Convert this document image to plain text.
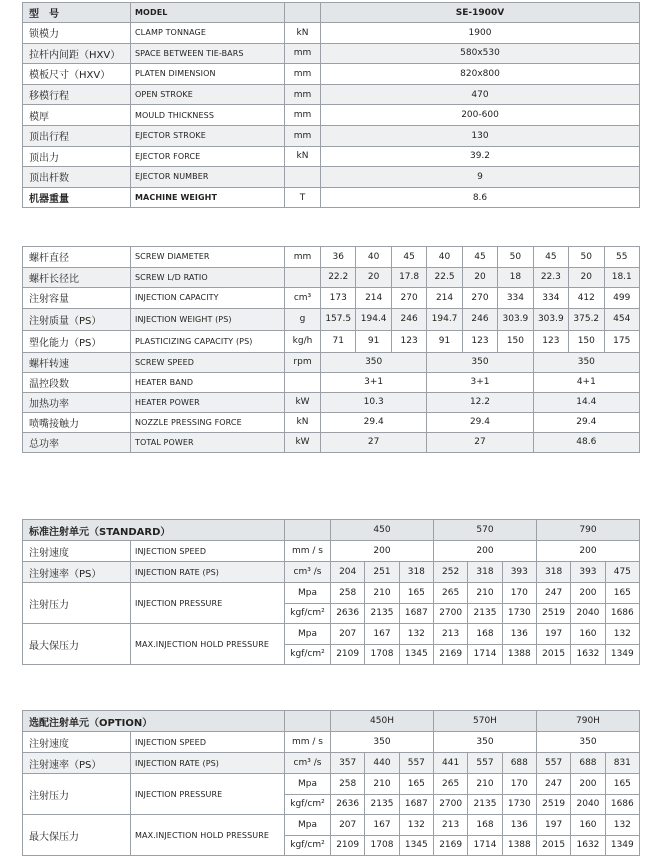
型　号	MODEL		SE-1900V
锁模力	CLAMP TONNAGE	kN	1900
拉杆内间距（HXV）	SPACE BETWEEN TIE-BARS	mm	580x530
模板尺寸（HXV）	PLATEN DIMENSION	mm	820x800
移模行程	OPEN STROKE	mm	470
模厚	MOULD THICKNESS	mm	200-600
顶出行程	EJECTOR STROKE	mm	130
顶出力	EJECTOR FORCE	kN	39.2
顶出杆数	EJECTOR NUMBER		9
机器重量	MACHINE WEIGHT	T	8.6
螺杆直径	SCREW DIAMETER	mm	36	40	45	40	45	50	45	50	55
螺杆长径比	SCREW L/D RATIO		22.2	20	17.8	22.5	20	18	22.3	20	18.1
注射容量	INJECTION CAPACITY	cm³	173	214	270	214	270	334	334	412	499
注射质量（PS）	INJECTION WEIGHT (PS)	g	157.5	194.4	246	194.7	246	303.9	303.9	375.2	454
塑化能力（PS）	PLASTICIZING CAPACITY (PS)	kg/h	71	91	123	91	123	150	123	150	175
螺杆转速	SCREW SPEED	rpm	350			350			350		
温控段数	HEATER BAND		3+1			3+1			4+1		
加热功率	HEATER POWER	kW	10.3			12.2			14.4		
喷嘴接触力	NOZZLE PRESSING FORCE	kN	29.4			29.4			29.4		
总功率	TOTAL POWER	kW	27			27			48.6		
标准注射单元（STANDARD）			450			570			790		
注射速度	INJECTION SPEED	mm / s	200			200			200		
注射速率（PS）	INJECTION RATE (PS)	cm³ /s	204	251	318	252	318	393	318	393	475
注射压力	INJECTION PRESSURE	Mpa	258	210	165	265	210	170	247	200	165
		kgf/cm²	2636	2135	1687	2700	2135	1730	2519	2040	1686
最大保压力	MAX.INJECTION HOLD PRESSURE	Mpa	207	167	132	213	168	136	197	160	132
		kgf/cm²	2109	1708	1345	2169	1714	1388	2015	1632	1349
选配注射单元（OPTION）			450H			570H			790H		
注射速度	INJECTION SPEED	mm / s	350			350			350		
注射速率（PS）	INJECTION RATE (PS)	cm³ /s	357	440	557	441	557	688	557	688	831
注射压力	INJECTION PRESSURE	Mpa	258	210	165	265	210	170	247	200	165
		kgf/cm²	2636	2135	1687	2700	2135	1730	2519	2040	1686
最大保压力	MAX.INJECTION HOLD PRESSURE	Mpa	207	167	132	213	168	136	197	160	132
		kgf/cm²	2109	1708	1345	2169	1714	1388	2015	1632	1349
